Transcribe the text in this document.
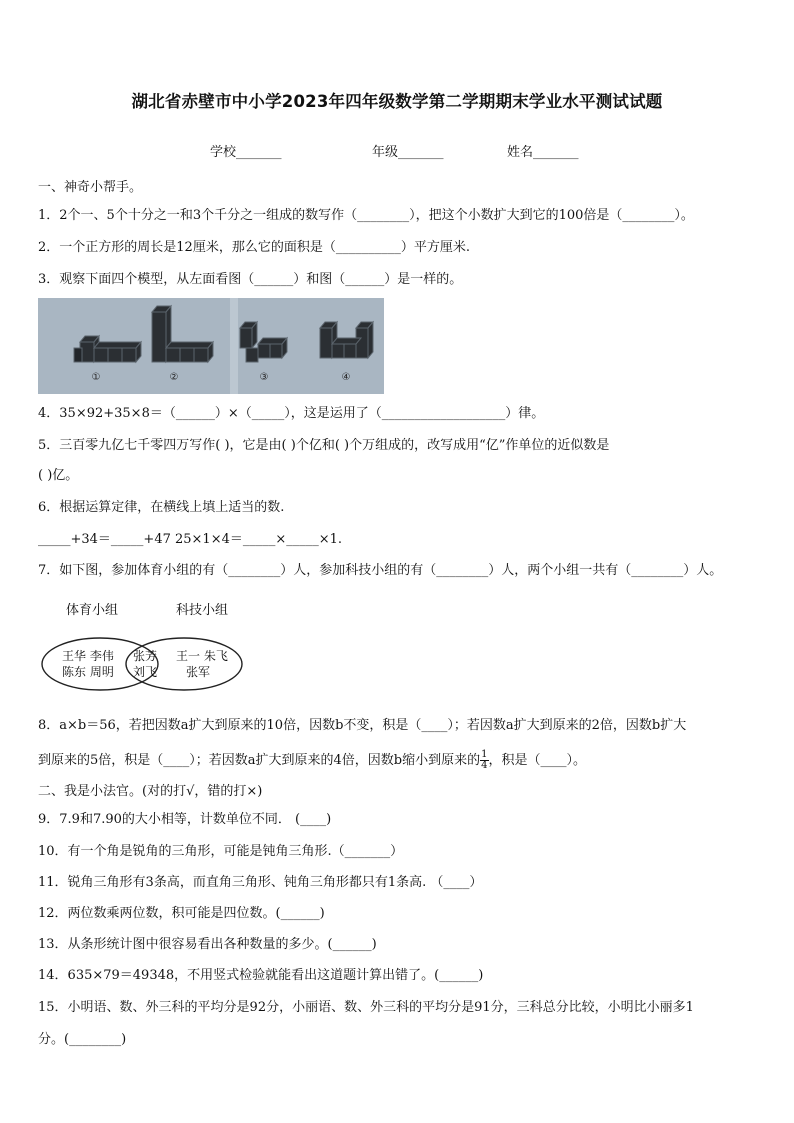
湖北省赤壁市中小学2023年四年级数学第二学期期末学业水平测试试题
学校_______	年级_______	姓名_______
一、神奇小帮手。
1．2个一、5个十分之一和3个千分之一组成的数写作（________），把这个小数扩大到它的100倍是（________）。
2．一个正方形的周长是12厘米，那么它的面积是（__________）平方厘米.
3．观察下面四个模型，从左面看图（______）和图（______）是一样的。
①	②	③	④
4．35×92+35×8＝（______）×（_____），这是运用了（___________________）律。
5．三百零九亿七千零四万写作( )，它是由( )个亿和( )个万组成的，改写成用“亿”作单位的近似数是
( )亿。
6．根据运算定律，在横线上填上适当的数.
_____+34＝_____+47 25×1×4＝_____×_____×1.
7．如下图，参加体育小组的有（________）人，参加科技小组的有（________）人，两个小组一共有（________）人。
体育小组	科技小组
王华 李伟
陈东 周明
张芳
刘飞
王一 朱飞
张军
8．a×b＝56，若把因数a扩大到原来的10倍，因数b不变，积是（____）；若因数a扩大到原来的2倍，因数b扩大
到原来的5倍，积是（____）；若因数a扩大到原来的4倍，因数b缩小到原来的 $\frac{1}{4}$ ，积是（____）。
二、我是小法官。(对的打√，错的打×)
9．7.9和7.90的大小相等，计数单位不同． (____)
10．有一个角是锐角的三角形，可能是钝角三角形.（_______）
11．锐角三角形有3条高，而直角三角形、钝角三角形都只有1条高. （____）
12．两位数乘两位数，积可能是四位数。(______)
13．从条形统计图中很容易看出各种数量的多少。(______)
14．635×79＝49348，不用竖式检验就能看出这道题计算出错了。(______)
15．小明语、数、外三科的平均分是92分，小丽语、数、外三科的平均分是91分，三科总分比较，小明比小丽多1
分。(________)
